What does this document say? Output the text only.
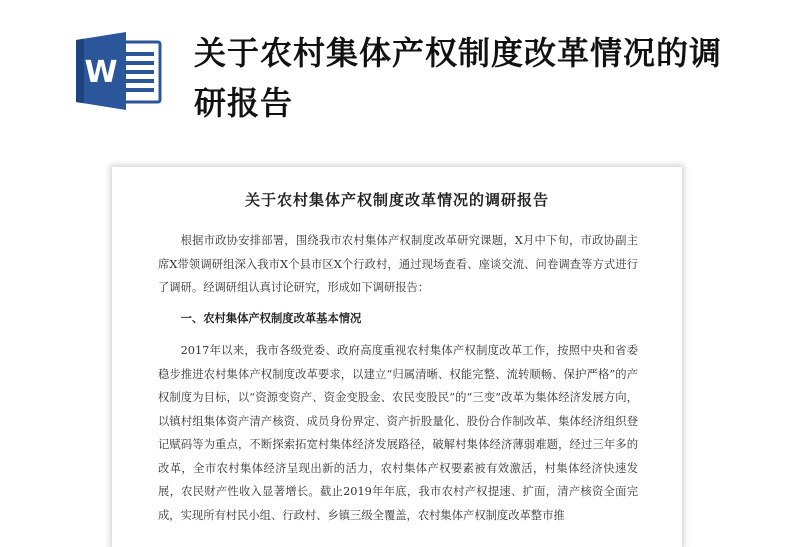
W
关于农村集体产权制度改革情况的调研报告
关于农村集体产权制度改革情况的调研报告

根据市政协安排部署，围绕我市农村集体产权制度改革研究课题，X月中下旬，市政协副主席X带领调研组深入我市X个县市区X个行政村，通过现场查看、座谈交流、问卷调查等方式进行了调研。经调研组认真讨论研究，形成如下调研报告：

一、农村集体产权制度改革基本情况

2017年以来，我市各级党委、政府高度重视农村集体产权制度改革工作，按照中央和省委稳步推进农村集体产权制度改革要求，以建立“归属清晰、权能完整、流转顺畅、保护严格”的产权制度为目标，以“资源变资产、资金变股金、农民变股民”的“三变”改革为集体经济发展方向，以镇村组集体资产清产核资、成员身份界定、资产折股量化、股份合作制改革、集体经济组织登记赋码等为重点，不断探索拓宽村集体经济发展路径，破解村集体经济薄弱难题，经过三年多的改革，全市农村集体经济呈现出新的活力，农村集体产权要素被有效激活，村集体经济快速发展，农民财产性收入显著增长。截止2019年年底，我市农村产权提速、扩面，清产核资全面完成，实现所有村民小组、行政村、乡镇三级全覆盖，农村集体产权制度改革整市推
